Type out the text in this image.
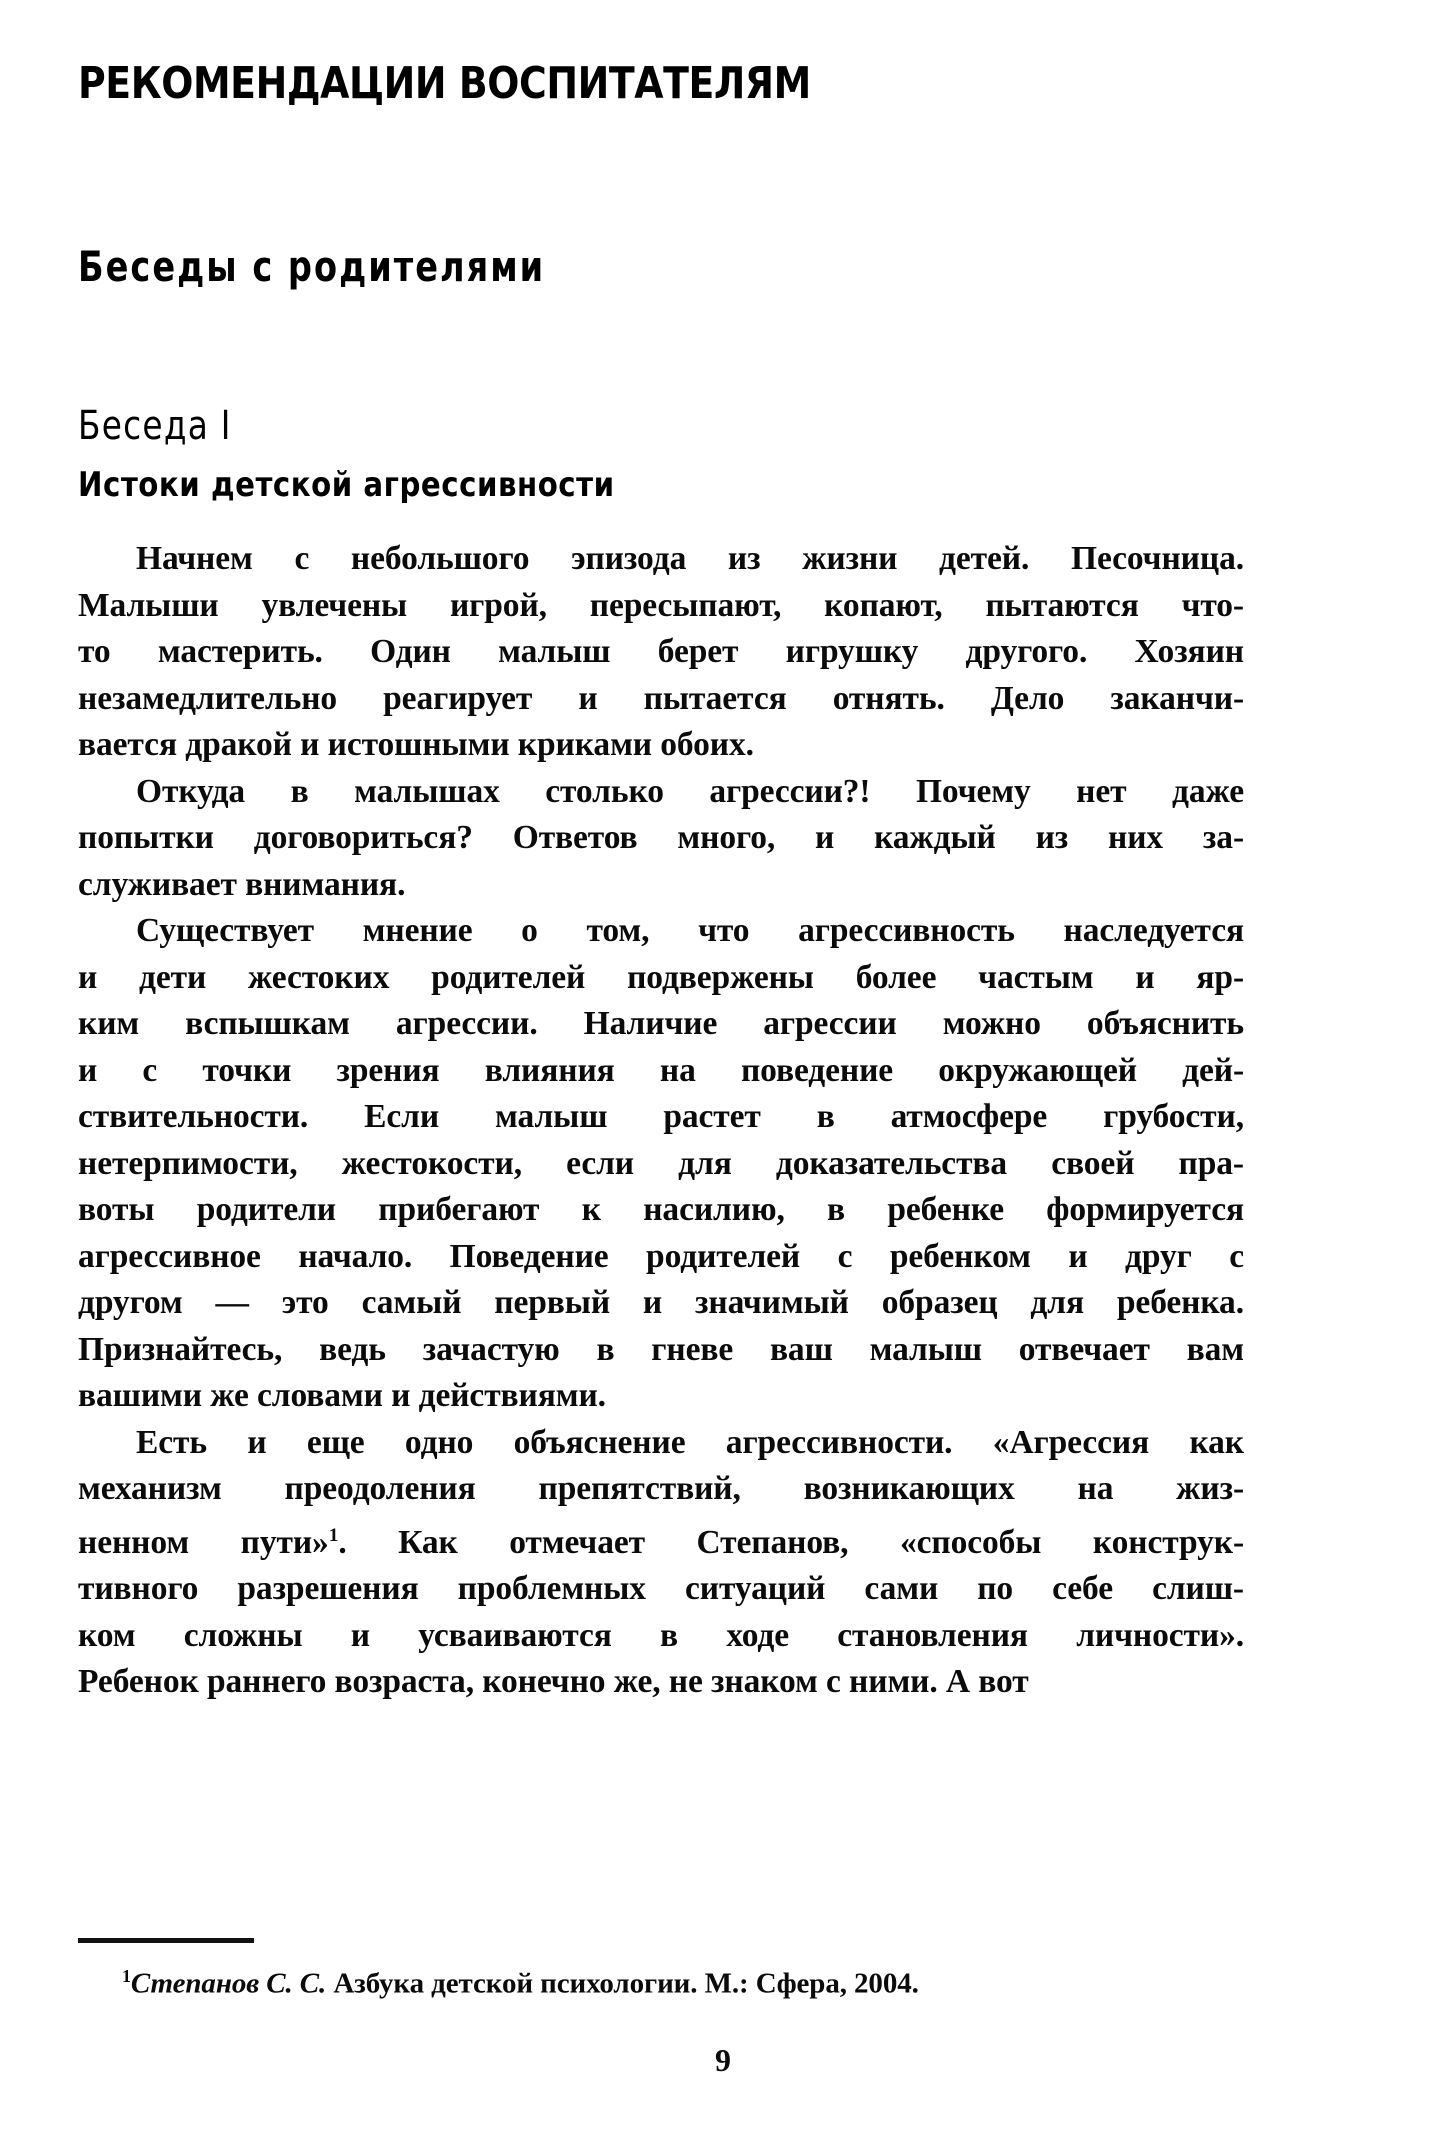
РЕКОМЕНДАЦИИ ВОСПИТАТЕЛЯМ
Беседы с родителями
Беседа I
Истоки детской агрессивности

Начнем с небольшого эпизода из жизни детей. Песочница.
Малыши увлечены игрой, пересыпают, копают, пытаются что-
то мастерить. Один малыш берет игрушку другого. Хозяин
незамедлительно реагирует и пытается отнять. Дело заканчи-
вается дракой и истошными криками обоих.

Откуда в малышах столько агрессии?! Почему нет даже
попытки договориться? Ответов много, и каждый из них за-
служивает внимания.

Существует мнение о том, что агрессивность наследуется
и дети жестоких родителей подвержены более частым и яр-
ким вспышкам агрессии. Наличие агрессии можно объяснить
и с точки зрения влияния на поведение окружающей дей-
ствительности. Если малыш растет в атмосфере грубости,
нетерпимости, жестокости, если для доказательства своей пра-
воты родители прибегают к насилию, в ребенке формируется
агрессивное начало. Поведение родителей с ребенком и друг с
другом — это самый первый и значимый образец для ребенка.
Признайтесь, ведь зачастую в гневе ваш малыш отвечает вам
вашими же словами и действиями.

Есть и еще одно объяснение агрессивности. «Агрессия как
механизм преодоления препятствий, возникающих на жиз-
ненном пути»$^1$. Как отмечает Степанов, «способы конструк-
тивного разрешения проблемных ситуаций сами по себе слиш-
ком сложны и усваиваются в ходе становления личности».
Ребенок раннего возраста, конечно же, не знаком с ними. А вот

$^1$Степанов С. С. Азбука детской психологии. М.: Сфера, 2004.

9
